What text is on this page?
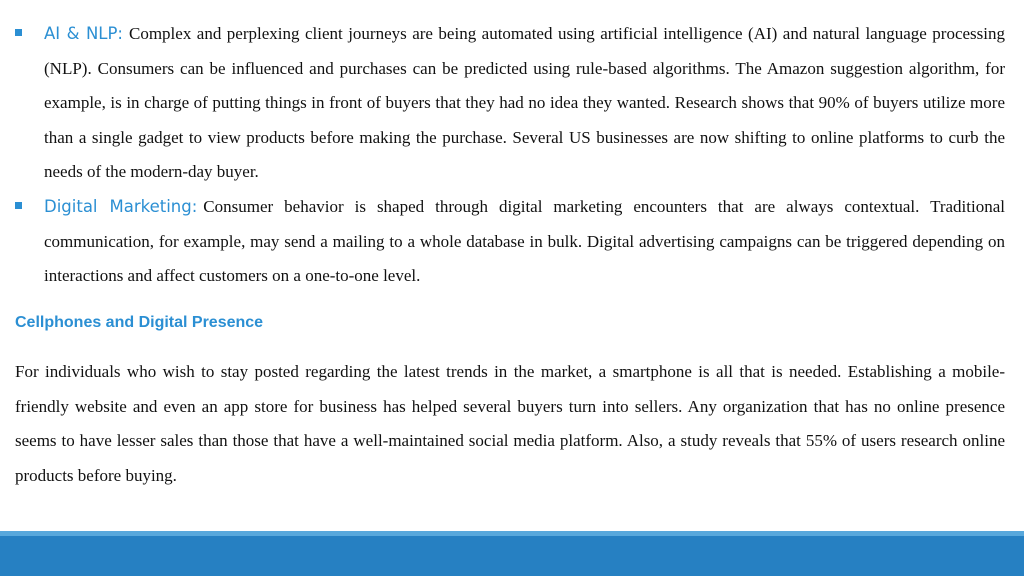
AI & NLP: Complex and perplexing client journeys are being automated using artificial intelligence (AI) and natural language processing (NLP). Consumers can be influenced and purchases can be predicted using rule-based algorithms. The Amazon suggestion algorithm, for example, is in charge of putting things in front of buyers that they had no idea they wanted. Research shows that 90% of buyers utilize more than a single gadget to view products before making the purchase. Several US businesses are now shifting to online platforms to curb the needs of the modern-day buyer.

Digital Marketing: Consumer behavior is shaped through digital marketing encounters that are always contextual. Traditional communication, for example, may send a mailing to a whole database in bulk. Digital advertising campaigns can be triggered depending on interactions and affect customers on a one-to-one level.

Cellphones and Digital Presence

For individuals who wish to stay posted regarding the latest trends in the market, a smartphone is all that is needed. Establishing a mobile-friendly website and even an app store for business has helped several buyers turn into sellers. Any organization that has no online presence seems to have lesser sales than those that have a well-maintained social media platform. Also, a study reveals that 55% of users research online products before buying.
